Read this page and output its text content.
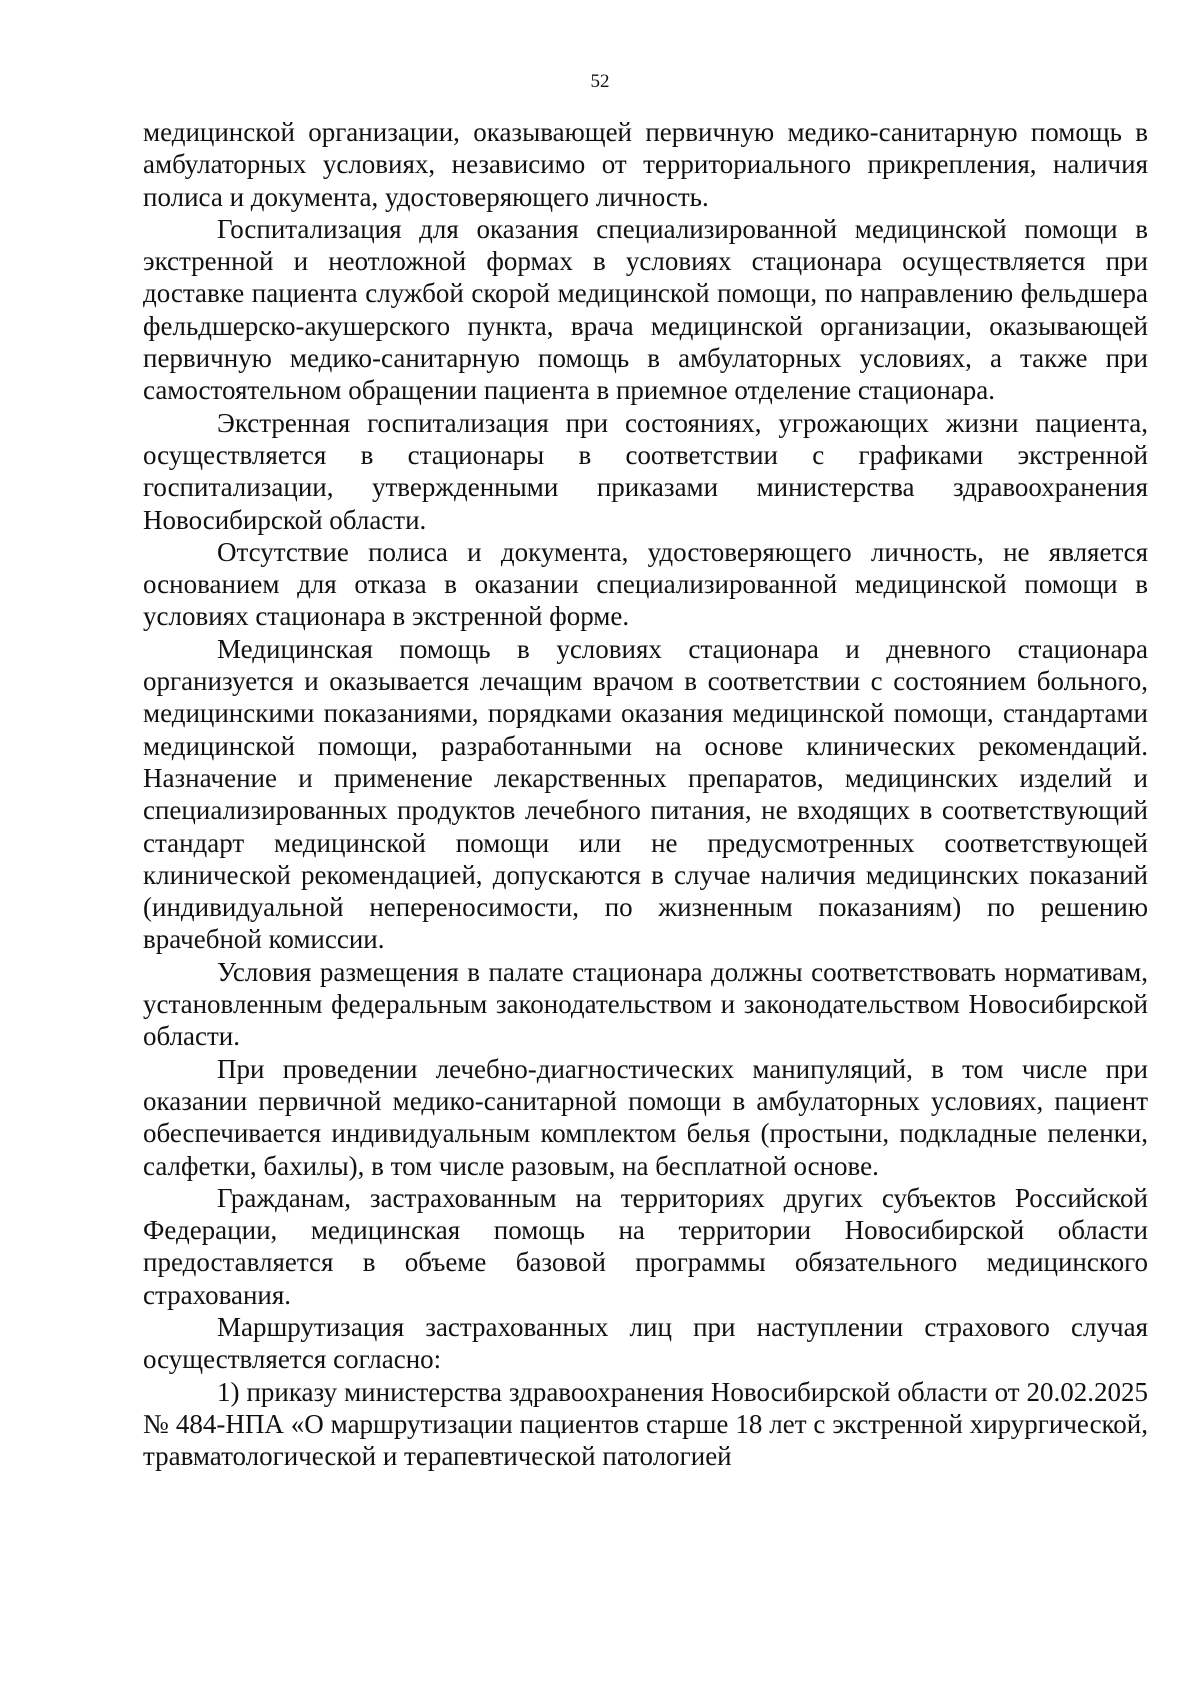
52

медицинской организации, оказывающей первичную медико-санитарную помощь в амбулаторных условиях, независимо от территориального прикрепления, наличия полиса и документа, удостоверяющего личность.

Госпитализация для оказания специализированной медицинской помощи в экстренной и неотложной формах в условиях стационара осуществляется при доставке пациента службой скорой медицинской помощи, по направлению фельдшера фельдшерско-акушерского пункта, врача медицинской организации, оказывающей первичную медико-санитарную помощь в амбулаторных условиях, а также при самостоятельном обращении пациента в приемное отделение стационара.

Экстренная госпитализация при состояниях, угрожающих жизни пациента, осуществляется в стационары в соответствии с графиками экстренной госпитализации, утвержденными приказами министерства здравоохранения Новосибирской области.

Отсутствие полиса и документа, удостоверяющего личность, не является основанием для отказа в оказании специализированной медицинской помощи в условиях стационара в экстренной форме.

Медицинская помощь в условиях стационара и дневного стационара организуется и оказывается лечащим врачом в соответствии с состоянием больного, медицинскими показаниями, порядками оказания медицинской помощи, стандартами медицинской помощи, разработанными на основе клинических рекомендаций. Назначение и применение лекарственных препаратов, медицинских изделий и специализированных продуктов лечебного питания, не входящих в соответствующий стандарт медицинской помощи или не предусмотренных соответствующей клинической рекомендацией, допускаются в случае наличия медицинских показаний (индивидуальной непереносимости, по жизненным показаниям) по решению врачебной комиссии.

Условия размещения в палате стационара должны соответствовать нормативам, установленным федеральным законодательством и законодательством Новосибирской области.

При проведении лечебно-диагностических манипуляций, в том числе при оказании первичной медико-санитарной помощи в амбулаторных условиях, пациент обеспечивается индивидуальным комплектом белья (простыни, подкладные пеленки, салфетки, бахилы), в том числе разовым, на бесплатной основе.

Гражданам, застрахованным на территориях других субъектов Российской Федерации, медицинская помощь на территории Новосибирской области предоставляется в объеме базовой программы обязательного медицинского страхования.

Маршрутизация застрахованных лиц при наступлении страхового случая осуществляется согласно:

1) приказу министерства здравоохранения Новосибирской области от 20.02.2025 № 484-НПА «О маршрутизации пациентов старше 18 лет с экстренной хирургической, травматологической и терапевтической патологией
